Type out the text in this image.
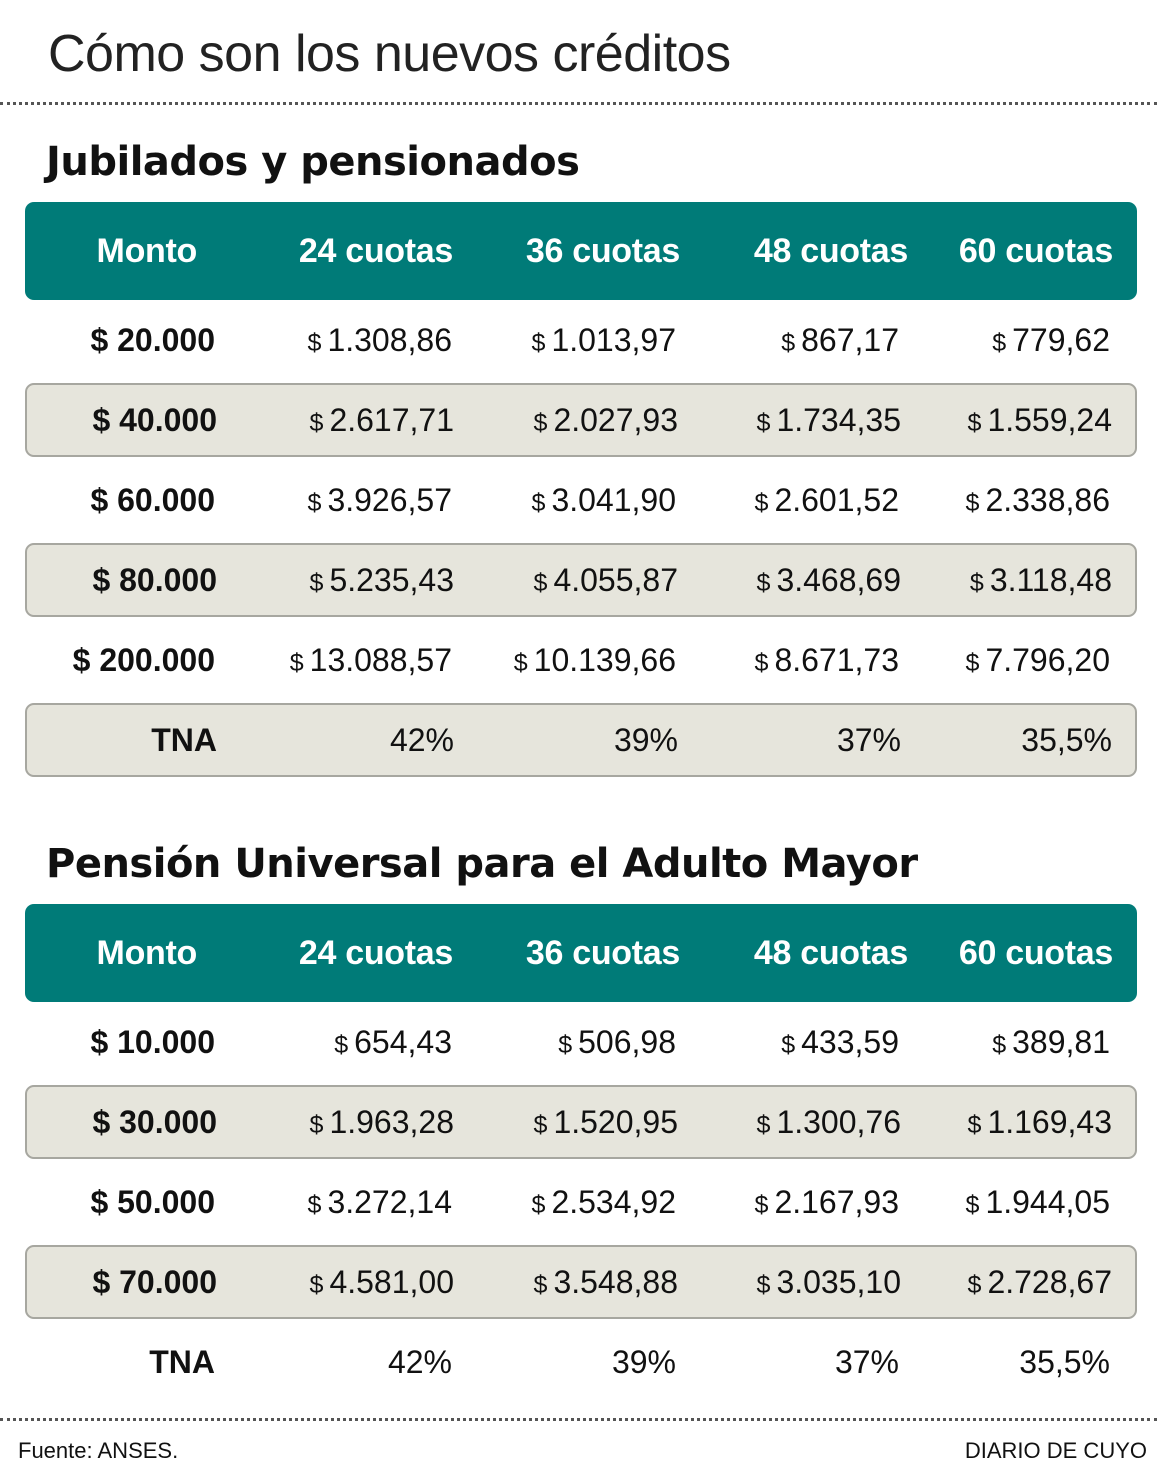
Cómo son los nuevos créditos
Jubilados y pensionados
Monto	24 cuotas	36 cuotas	48 cuotas	60 cuotas
$ 20.000	$ 1.308,86	$ 1.013,97	$ 867,17	$ 779,62
$ 40.000	$ 2.617,71	$ 2.027,93	$ 1.734,35	$ 1.559,24
$ 60.000	$ 3.926,57	$ 3.041,90	$ 2.601,52	$ 2.338,86
$ 80.000	$ 5.235,43	$ 4.055,87	$ 3.468,69	$ 3.118,48
$ 200.000	$ 13.088,57	$ 10.139,66	$ 8.671,73	$ 7.796,20
TNA	42%	39%	37%	35,5%
Pensión Universal para el Adulto Mayor
Monto	24 cuotas	36 cuotas	48 cuotas	60 cuotas
$ 10.000	$ 654,43	$ 506,98	$ 433,59	$ 389,81
$ 30.000	$ 1.963,28	$ 1.520,95	$ 1.300,76	$ 1.169,43
$ 50.000	$ 3.272,14	$ 2.534,92	$ 2.167,93	$ 1.944,05
$ 70.000	$ 4.581,00	$ 3.548,88	$ 3.035,10	$ 2.728,67
TNA	42%	39%	37%	35,5%
Fuente: ANSES.	DIARIO DE CUYO
